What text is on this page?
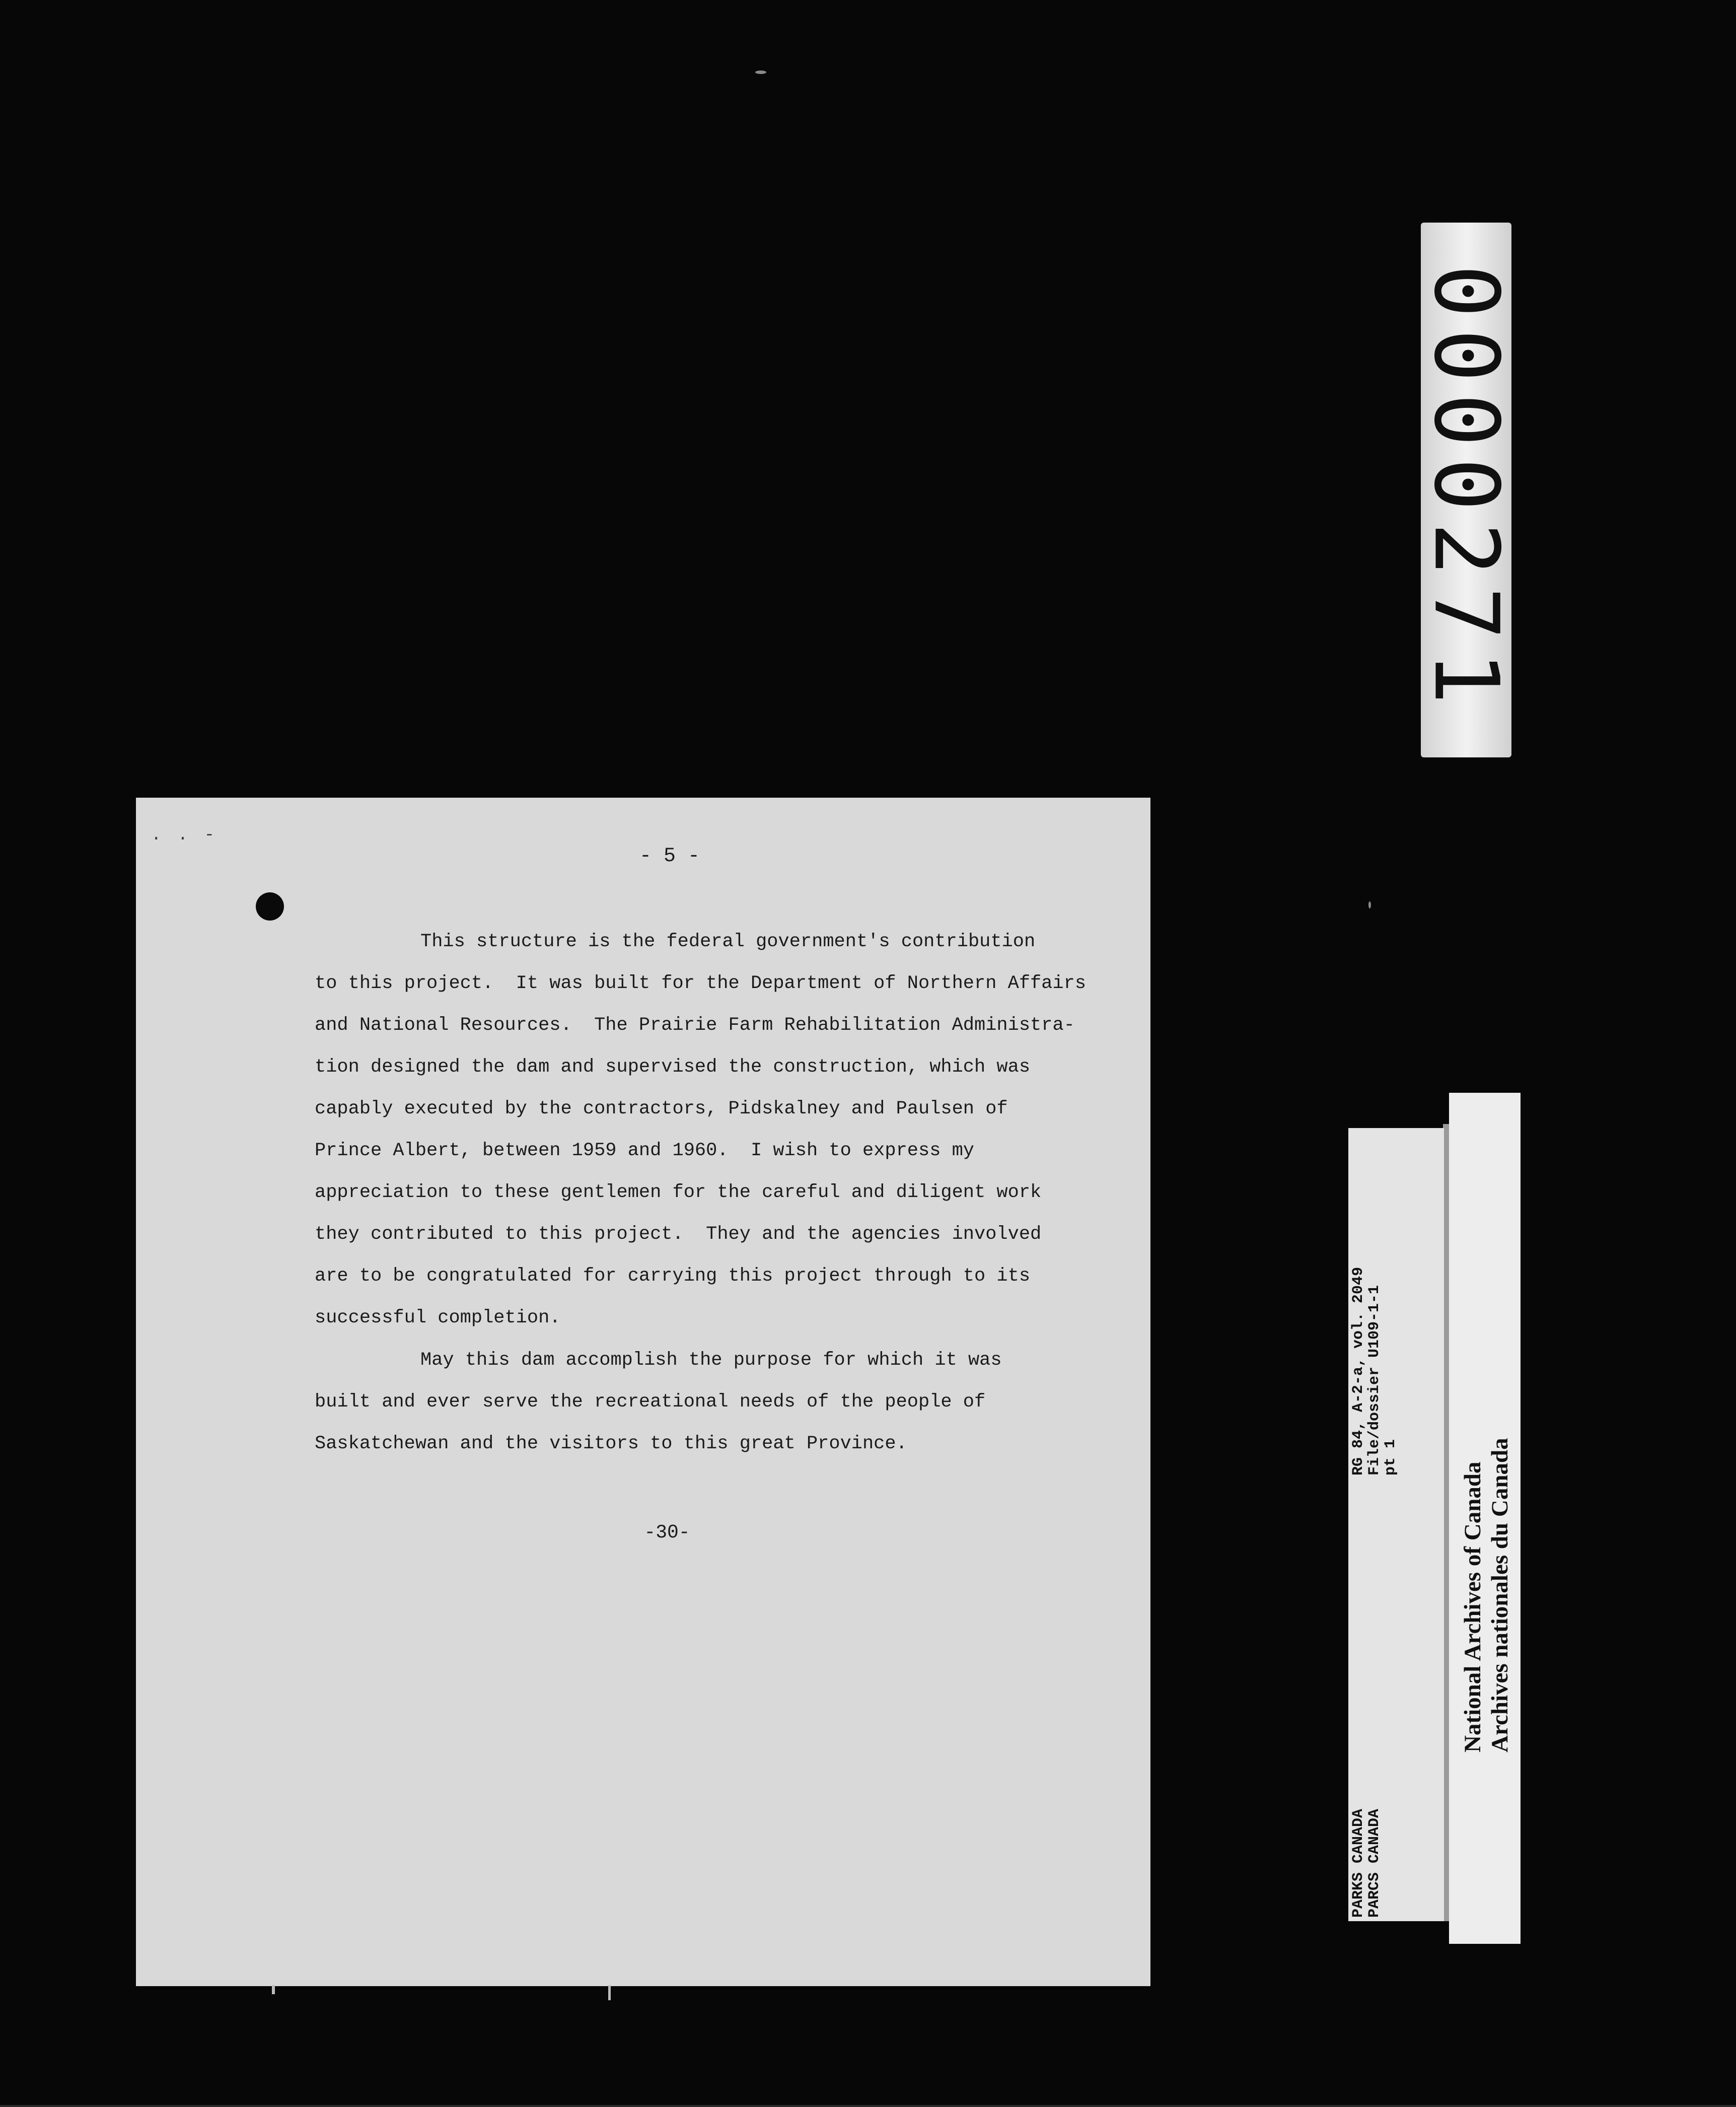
. . -
- 5 -
This structure is the federal government's contribution
to this project.  It was built for the Department of Northern Affairs
and National Resources.  The Prairie Farm Rehabilitation Administra-
tion designed the dam and supervised the construction, which was
capably executed by the contractors, Pidskalney and Paulsen of
Prince Albert, between 1959 and 1960.  I wish to express my
appreciation to these gentlemen for the careful and diligent work
they contributed to this project.  They and the agencies involved
are to be congratulated for carrying this project through to its
successful completion.
May this dam accomplish the purpose for which it was
built and ever serve the recreational needs of the people of
Saskatchewan and the visitors to this great Province.
-30-
0000271
PARKS CANADA
PARCS CANADA
RG 84, A-2-a, vol. 2049
File/dossier U109-1-1
pt 1
National Archives of Canada Archives nationales du Canada
